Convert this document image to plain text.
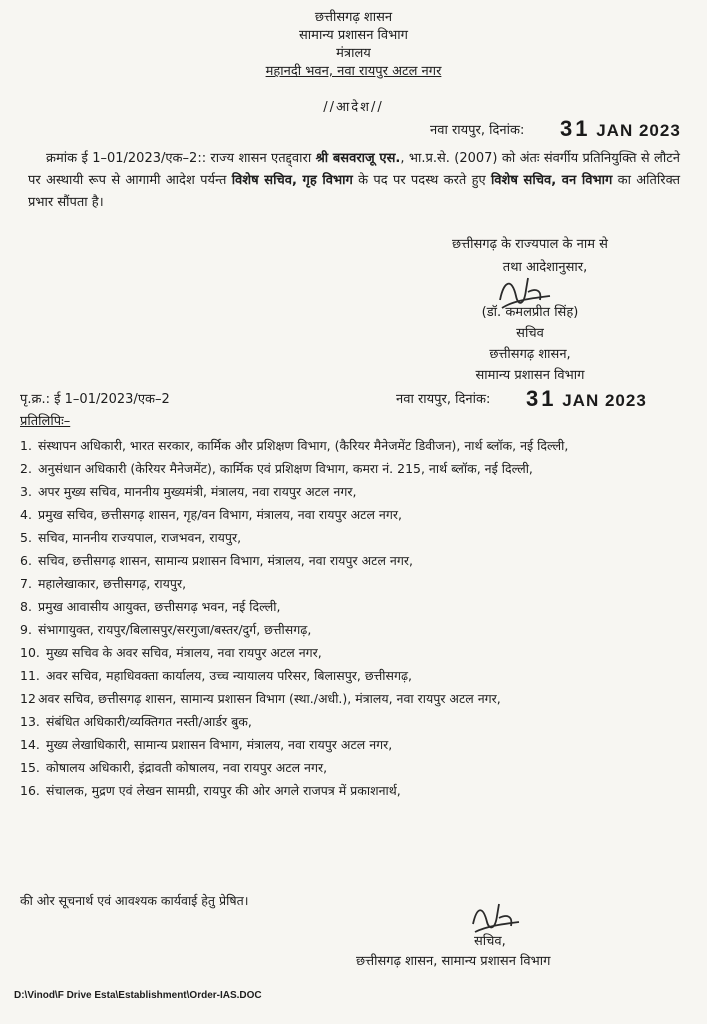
छत्तीसगढ़ शासन
सामान्य प्रशासन विभाग
मंत्रालय
महानदी भवन, नवा रायपुर अटल नगर
//आदेश//
नवा रायपुर, दिनांक: 31 JAN 2023
क्रमांक ई 1–01/2023/एक–2:: राज्य शासन एतद्द्वारा श्री बसवराजू एस., भा.प्र.से. (2007) को अंतः संवर्गीय प्रतिनियुक्ति से लौटने पर अस्थायी रूप से आगामी आदेश पर्यन्त विशेष सचिव, गृह विभाग के पद पर पदस्थ करते हुए विशेष सचिव, वन विभाग का अतिरिक्त प्रभार सौंपता है।
छत्तीसगढ़ के राज्यपाल के नाम से
तथा आदेशानुसार,
(डॉ. कमलप्रीत सिंह)
सचिव
छत्तीसगढ़ शासन,
सामान्य प्रशासन विभाग
पृ.क्र.: ई 1–01/2023/एक–2	नवा रायपुर, दिनांक: 31 JAN 2023
प्रतिलिपिः–
1. संस्थापन अधिकारी, भारत सरकार, कार्मिक और प्रशिक्षण विभाग, (कैरियर मैनेजमेंट डिवीजन), नार्थ ब्लॉक, नई दिल्ली,
2. अनुसंधान अधिकारी (केरियर मैनेजमेंट), कार्मिक एवं प्रशिक्षण विभाग, कमरा नं. 215, नार्थ ब्लॉक, नई दिल्ली,
3. अपर मुख्य सचिव, माननीय मुख्यमंत्री, मंत्रालय, नवा रायपुर अटल नगर,
4. प्रमुख सचिव, छत्तीसगढ़ शासन, गृह/वन विभाग, मंत्रालय, नवा रायपुर अटल नगर,
5. सचिव, माननीय राज्यपाल, राजभवन, रायपुर,
6. सचिव, छत्तीसगढ़ शासन, सामान्य प्रशासन विभाग, मंत्रालय, नवा रायपुर अटल नगर,
7. महालेखाकार, छत्तीसगढ़, रायपुर,
8. प्रमुख आवासीय आयुक्त, छत्तीसगढ़ भवन, नई दिल्ली,
9. संभागायुक्त, रायपुर/बिलासपुर/सरगुजा/बस्तर/दुर्ग, छत्तीसगढ़,
10. मुख्य सचिव के अवर सचिव, मंत्रालय, नवा रायपुर अटल नगर,
11. अवर सचिव, महाधिवक्ता कार्यालय, उच्च न्यायालय परिसर, बिलासपुर, छत्तीसगढ़,
12 अवर सचिव, छत्तीसगढ़ शासन, सामान्य प्रशासन विभाग (स्था./अधी.), मंत्रालय, नवा रायपुर अटल नगर,
13. संबंधित अधिकारी/व्यक्तिगत नस्ती/आर्डर बुक,
14. मुख्य लेखाधिकारी, सामान्य प्रशासन विभाग, मंत्रालय, नवा रायपुर अटल नगर,
15. कोषालय अधिकारी, इंद्रावती कोषालय, नवा रायपुर अटल नगर,
16. संचालक, मुद्रण एवं लेखन सामग्री, रायपुर की ओर अगले राजपत्र में प्रकाशनार्थ,
की ओर सूचनार्थ एवं आवश्यक कार्यवाई हेतु प्रेषित।
सचिव,
छत्तीसगढ़ शासन, सामान्य प्रशासन विभाग
D:\Vinod\F Drive Esta\Establishment\Order-IAS.DOC
